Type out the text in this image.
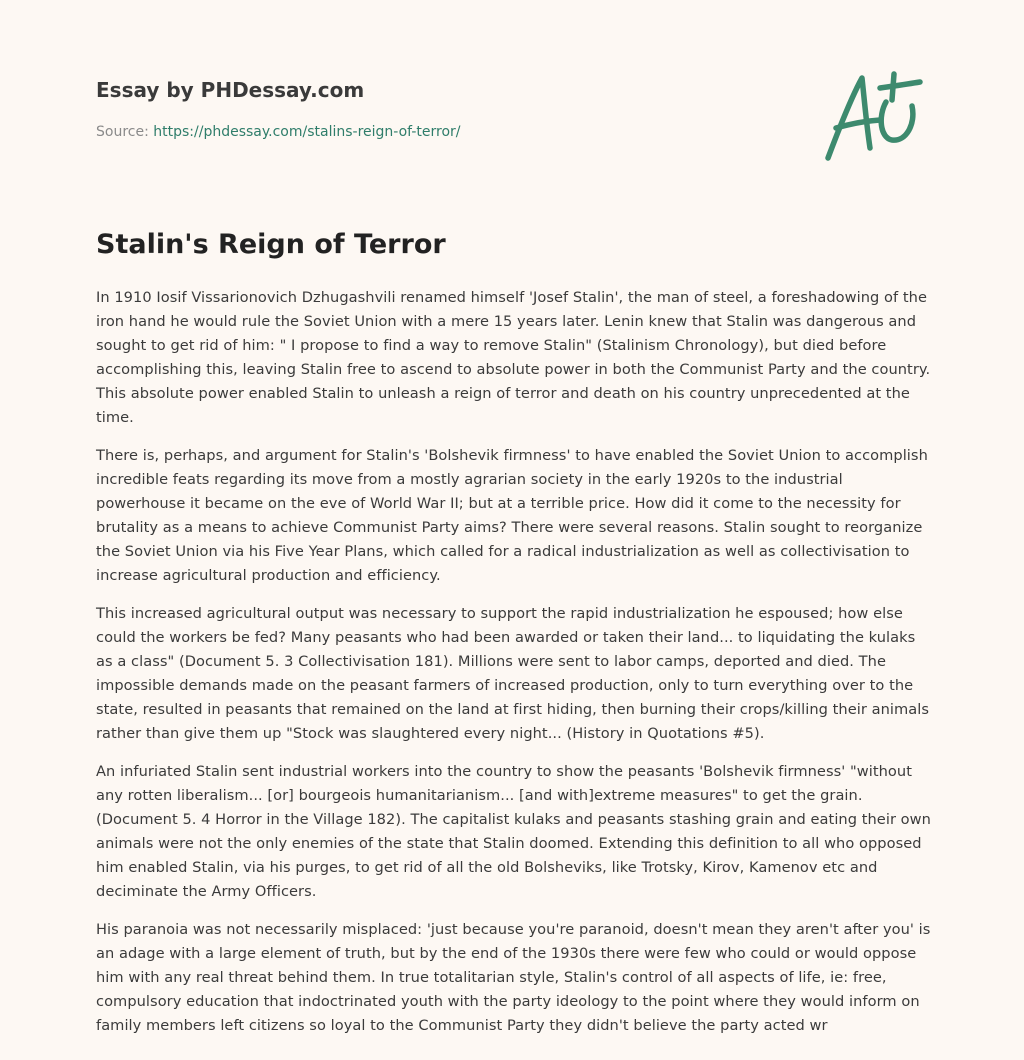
Essay by PHDessay.com
Source: https://phdessay.com/stalins-reign-of-terror/
Stalin's Reign of Terror

In 1910 Iosif Vissarionovich Dzhugashvili renamed himself 'Josef Stalin', the man of steel, a foreshadowing of the iron hand he would rule the Soviet Union with a mere 15 years later. Lenin knew that Stalin was dangerous and sought to get rid of him: " I propose to find a way to remove Stalin" (Stalinism Chronology), but died before accomplishing this, leaving Stalin free to ascend to absolute power in both the Communist Party and the country. This absolute power enabled Stalin to unleash a reign of terror and death on his country unprecedented at the time.

There is, perhaps, and argument for Stalin's 'Bolshevik firmness' to have enabled the Soviet Union to accomplish incredible feats regarding its move from a mostly agrarian society in the early 1920s to the industrial powerhouse it became on the eve of World War II; but at a terrible price. How did it come to the necessity for brutality as a means to achieve Communist Party aims? There were several reasons. Stalin sought to reorganize the Soviet Union via his Five Year Plans, which called for a radical industrialization as well as collectivisation to increase agricultural production and efficiency.

This increased agricultural output was necessary to support the rapid industrialization he espoused; how else could the workers be fed? Many peasants who had been awarded or taken their land... to liquidating the kulaks as a class" (Document 5. 3 Collectivisation 181). Millions were sent to labor camps, deported and died. The impossible demands made on the peasant farmers of increased production, only to turn everything over to the state, resulted in peasants that remained on the land at first hiding, then burning their crops/killing their animals rather than give them up "Stock was slaughtered every night... (History in Quotations #5).

An infuriated Stalin sent industrial workers into the country to show the peasants 'Bolshevik firmness' "without any rotten liberalism... [or] bourgeois humanitarianism... [and with]extreme measures" to get the grain. (Document 5. 4 Horror in the Village 182). The capitalist kulaks and peasants stashing grain and eating their own animals were not the only enemies of the state that Stalin doomed. Extending this definition to all who opposed him enabled Stalin, via his purges, to get rid of all the old Bolsheviks, like Trotsky, Kirov, Kamenov etc and deciminate the Army Officers.

His paranoia was not necessarily misplaced: 'just because you're paranoid, doesn't mean they aren't after you' is an adage with a large element of truth, but by the end of the 1930s there were few who could or would oppose him with any real threat behind them. In true totalitarian style, Stalin's control of all aspects of life, ie: free, compulsory education that indoctrinated youth with the party ideology to the point where they would inform on family members left citizens so loyal to the Communist Party they didn't believe the party acted wr
